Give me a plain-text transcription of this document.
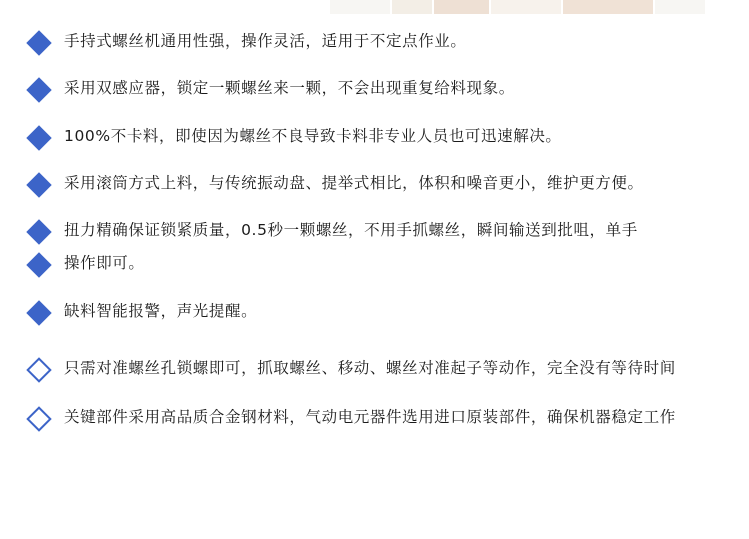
手持式螺丝机通用性强，操作灵活，适用于不定点作业。
采用双感应器，锁定一颗螺丝来一颗，不会出现重复给料现象。
100%不卡料，即使因为螺丝不良导致卡料非专业人员也可迅速解决。
采用滚筒方式上料，与传统振动盘、提举式相比，体积和噪音更小，维护更方便。
扭力精确保证锁紧质量，0.5秒一颗螺丝，不用手抓螺丝，瞬间输送到批咀，单手
操作即可。
缺料智能报警，声光提醒。
只需对准螺丝孔锁螺即可，抓取螺丝、移动、螺丝对准起子等动作，完全没有等待时间
关键部件采用高品质合金钢材料，气动电元器件选用进口原装部件，确保机器稳定工作
